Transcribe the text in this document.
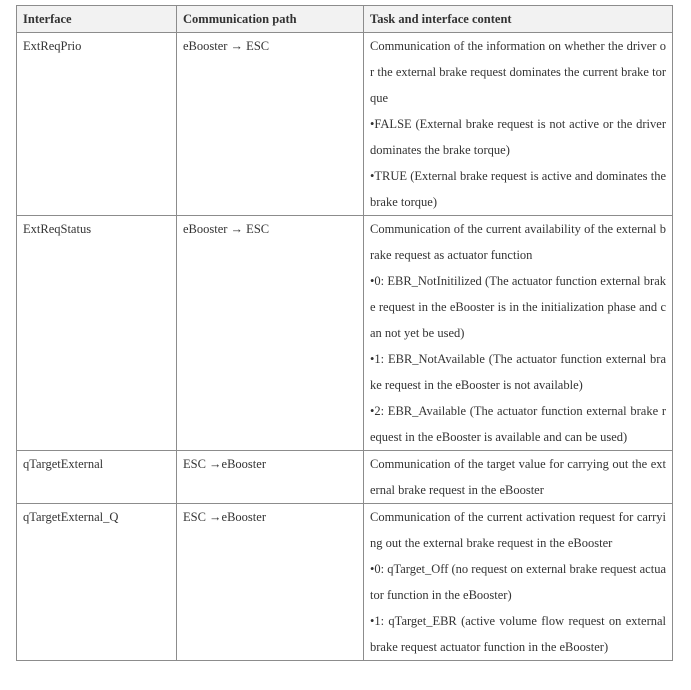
Interface	Communication path	Task and interface content
ExtReqPrio	eBooster → ESC	Communication of the information on whether the driver or the external brake request dominates the current brake torque
•FALSE (External brake request is not active or the driver dominates the brake torque)
•TRUE (External brake request is active and dominates the brake torque)

ExtReqStatus	eBooster → ESC	Communication of the current availability of the external brake request as actuator function
•0: EBR_NotInitilized (The actuator function external brake request in the eBooster is in the initialization phase and can not yet be used)
•1: EBR_NotAvailable (The actuator function external brake request in the eBooster is not available)
•2: EBR_Available (The actuator function external brake request in the eBooster is available and can be used)

qTargetExternal	ESC →eBooster	Communication of the target value for carrying out the external brake request in the eBooster

qTargetExternal_Q	ESC →eBooster	Communication of the current activation request for carrying out the external brake request in the eBooster
•0: qTarget_Off (no request on external brake request actuator function in the eBooster)
•1: qTarget_EBR (active volume flow request on external brake request actuator function in the eBooster)
